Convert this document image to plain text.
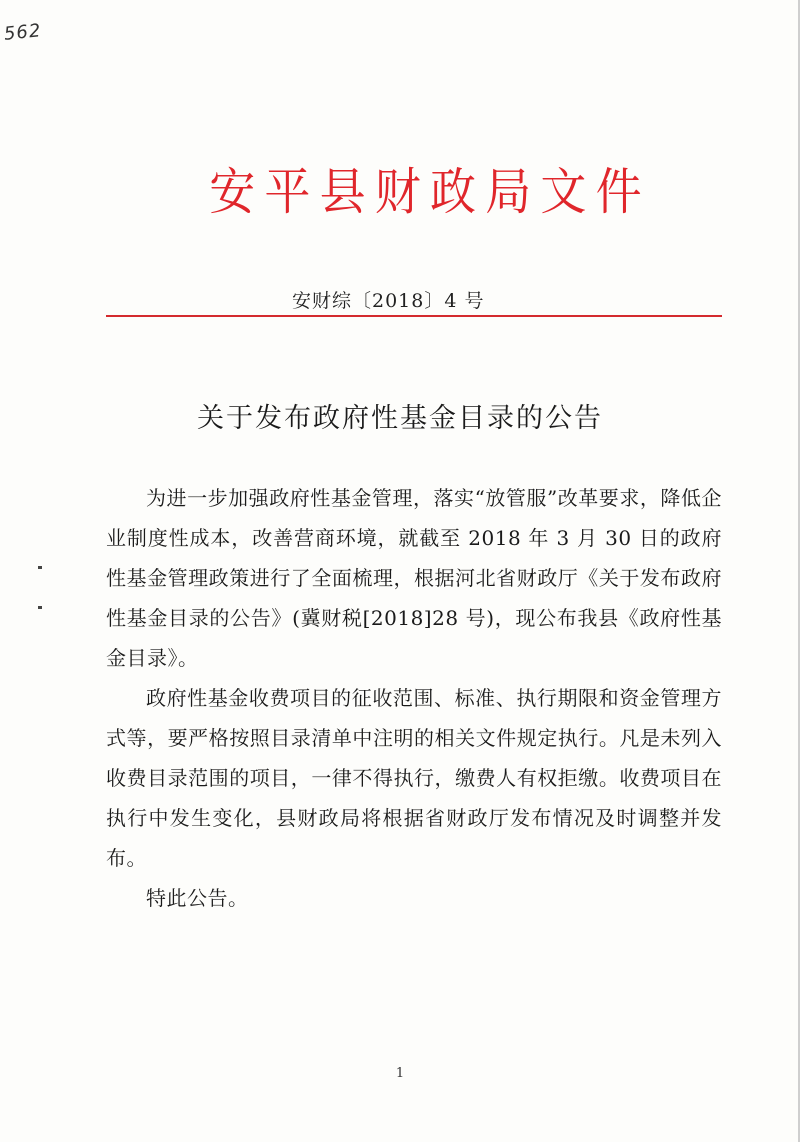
562
安平县财政局文件
安财综〔2018〕4 号
关于发布政府性基金目录的公告

为进一步加强政府性基金管理，落实“放管服”改革要求，降低企业制度性成本，改善营商环境，就截至 2018 年 3 月 30 日的政府性基金管理政策进行了全面梳理，根据河北省财政厅《关于发布政府性基金目录的公告》(冀财税[2018]28 号)，现公布我县《政府性基金目录》。

政府性基金收费项目的征收范围、标准、执行期限和资金管理方式等，要严格按照目录清单中注明的相关文件规定执行。凡是未列入收费目录范围的项目，一律不得执行，缴费人有权拒缴。收费项目在执行中发生变化，县财政局将根据省财政厅发布情况及时调整并发布。

特此公告。

1
